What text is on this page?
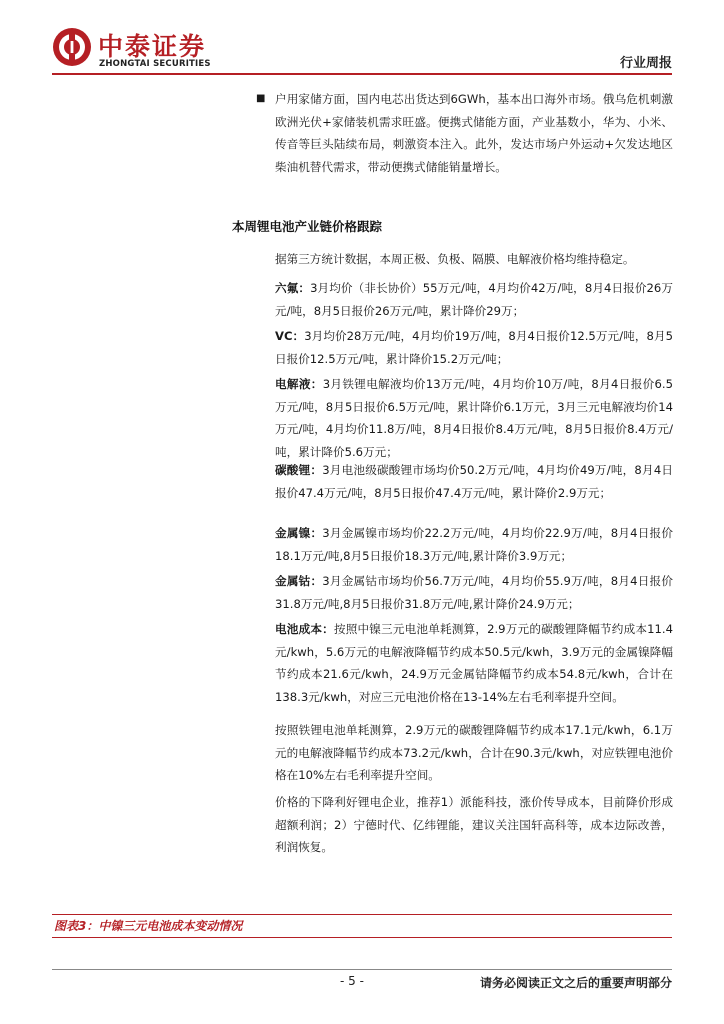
中泰证券
ZHONGTAI SECURITIES	行业周报
■ 户用家储方面，国内电芯出货达到6GWh，基本出口海外市场。俄乌危机刺激欧洲光伏+家储装机需求旺盛。便携式储能方面，产业基数小，华为、小米、传音等巨头陆续布局，刺激资本注入。此外，发达市场户外运动+欠发达地区柴油机替代需求，带动便携式储能销量增长。

本周锂电池产业链价格跟踪

据第三方统计数据，本周正极、负极、隔膜、电解液价格均维持稳定。

六氟：3月均价（非长协价）55万元/吨，4月均价42万/吨，8月4日报价26万元/吨，8月5日报价26万元/吨，累计降价29万；

VC：3月均价28万元/吨，4月均价19万/吨，8月4日报价12.5万元/吨，8月5日报价12.5万元/吨，累计降价15.2万元/吨；

电解液：3月铁锂电解液均价13万元/吨，4月均价10万/吨，8月4日报价6.5万元/吨，8月5日报价6.5万元/吨，累计降价6.1万元，3月三元电解液均价14万元/吨，4月均价11.8万/吨，8月4日报价8.4万元/吨，8月5日报价8.4万元/吨，累计降价5.6万元；

碳酸锂：3月电池级碳酸锂市场均价50.2万元/吨，4月均价49万/吨，8月4日报价47.4万元/吨，8月5日报价47.4万元/吨，累计降价2.9万元；

金属镍：3月金属镍市场均价22.2万元/吨，4月均价22.9万/吨，8月4日报价18.1万元/吨,8月5日报价18.3万元/吨,累计降价3.9万元；

金属钴：3月金属钴市场均价56.7万元/吨，4月均价55.9万/吨，8月4日报价31.8万元/吨,8月5日报价31.8万元/吨,累计降价24.9万元；

电池成本：按照中镍三元电池单耗测算，2.9万元的碳酸锂降幅节约成本11.4元/kwh，5.6万元的电解液降幅节约成本50.5元/kwh，3.9万元的金属镍降幅节约成本21.6元/kwh，24.9万元金属钴降幅节约成本54.8元/kwh，合计在138.3元/kwh，对应三元电池价格在13-14%左右毛利率提升空间。

按照铁锂电池单耗测算，2.9万元的碳酸锂降幅节约成本17.1元/kwh，6.1万元的电解液降幅节约成本73.2元/kwh，合计在90.3元/kwh，对应铁锂电池价格在10%左右毛利率提升空间。

价格的下降利好锂电企业，推荐1）派能科技，涨价传导成本，目前降价形成超额利润；2）宁德时代、亿纬锂能，建议关注国轩高科等，成本边际改善，利润恢复。

图表3：中镍三元电池成本变动情况
- 5 -	请务必阅读正文之后的重要声明部分
